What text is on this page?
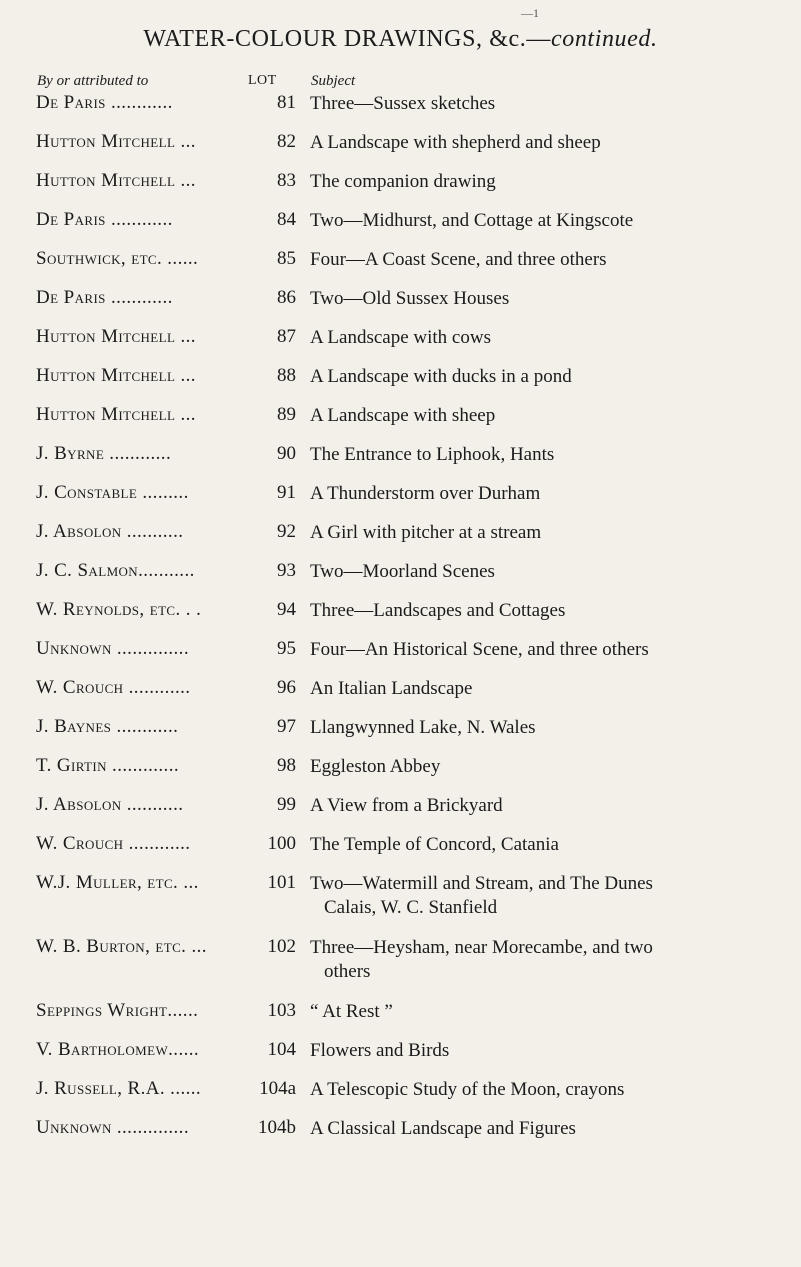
—1
WATER-COLOUR DRAWINGS, &c.—continued.
By or attributed to	LOT Subject
De Paris ............	81 Three—Sussex sketches
Hutton Mitchell ...	82 A Landscape with shepherd and sheep
Hutton Mitchell ...	83 The companion drawing
De Paris ............	84 Two—Midhurst, and Cottage at Kingscote
Southwick, etc. ......	85 Four—A Coast Scene, and three others
De Paris ............	86 Two—Old Sussex Houses
Hutton Mitchell ...	87 A Landscape with cows
Hutton Mitchell ...	88 A Landscape with ducks in a pond
Hutton Mitchell ...	89 A Landscape with sheep
J. Byrne ............	90 The Entrance to Liphook, Hants
J. Constable .........	91 A Thunderstorm over Durham
J. Absolon ...........	92 A Girl with pitcher at a stream
J. C. Salmon...........	93 Two—Moorland Scenes
W. Reynolds, etc. . .	94 Three—Landscapes and Cottages
Unknown ..............	95 Four—An Historical Scene, and three others
W. Crouch ............	96 An Italian Landscape
J. Baynes ............	97 Llangwynned Lake, N. Wales
T. Girtin .............	98 Eggleston Abbey
J. Absolon ...........	99 A View from a Brickyard
W. Crouch ............	100 The Temple of Concord, Catania
W.J. Muller, etc. ...	101 Two—Watermill and Stream, and The Dunes
Calais, W. C. Stanfield
W. B. Burton, etc. ...	102 Three—Heysham, near Morecambe, and two
others
Seppings Wright......	103 “ At Rest ”
V. Bartholomew......	104 Flowers and Birds
J. Russell, R.A. ......	104a A Telescopic Study of the Moon, crayons
Unknown ..............	104b A Classical Landscape and Figures
